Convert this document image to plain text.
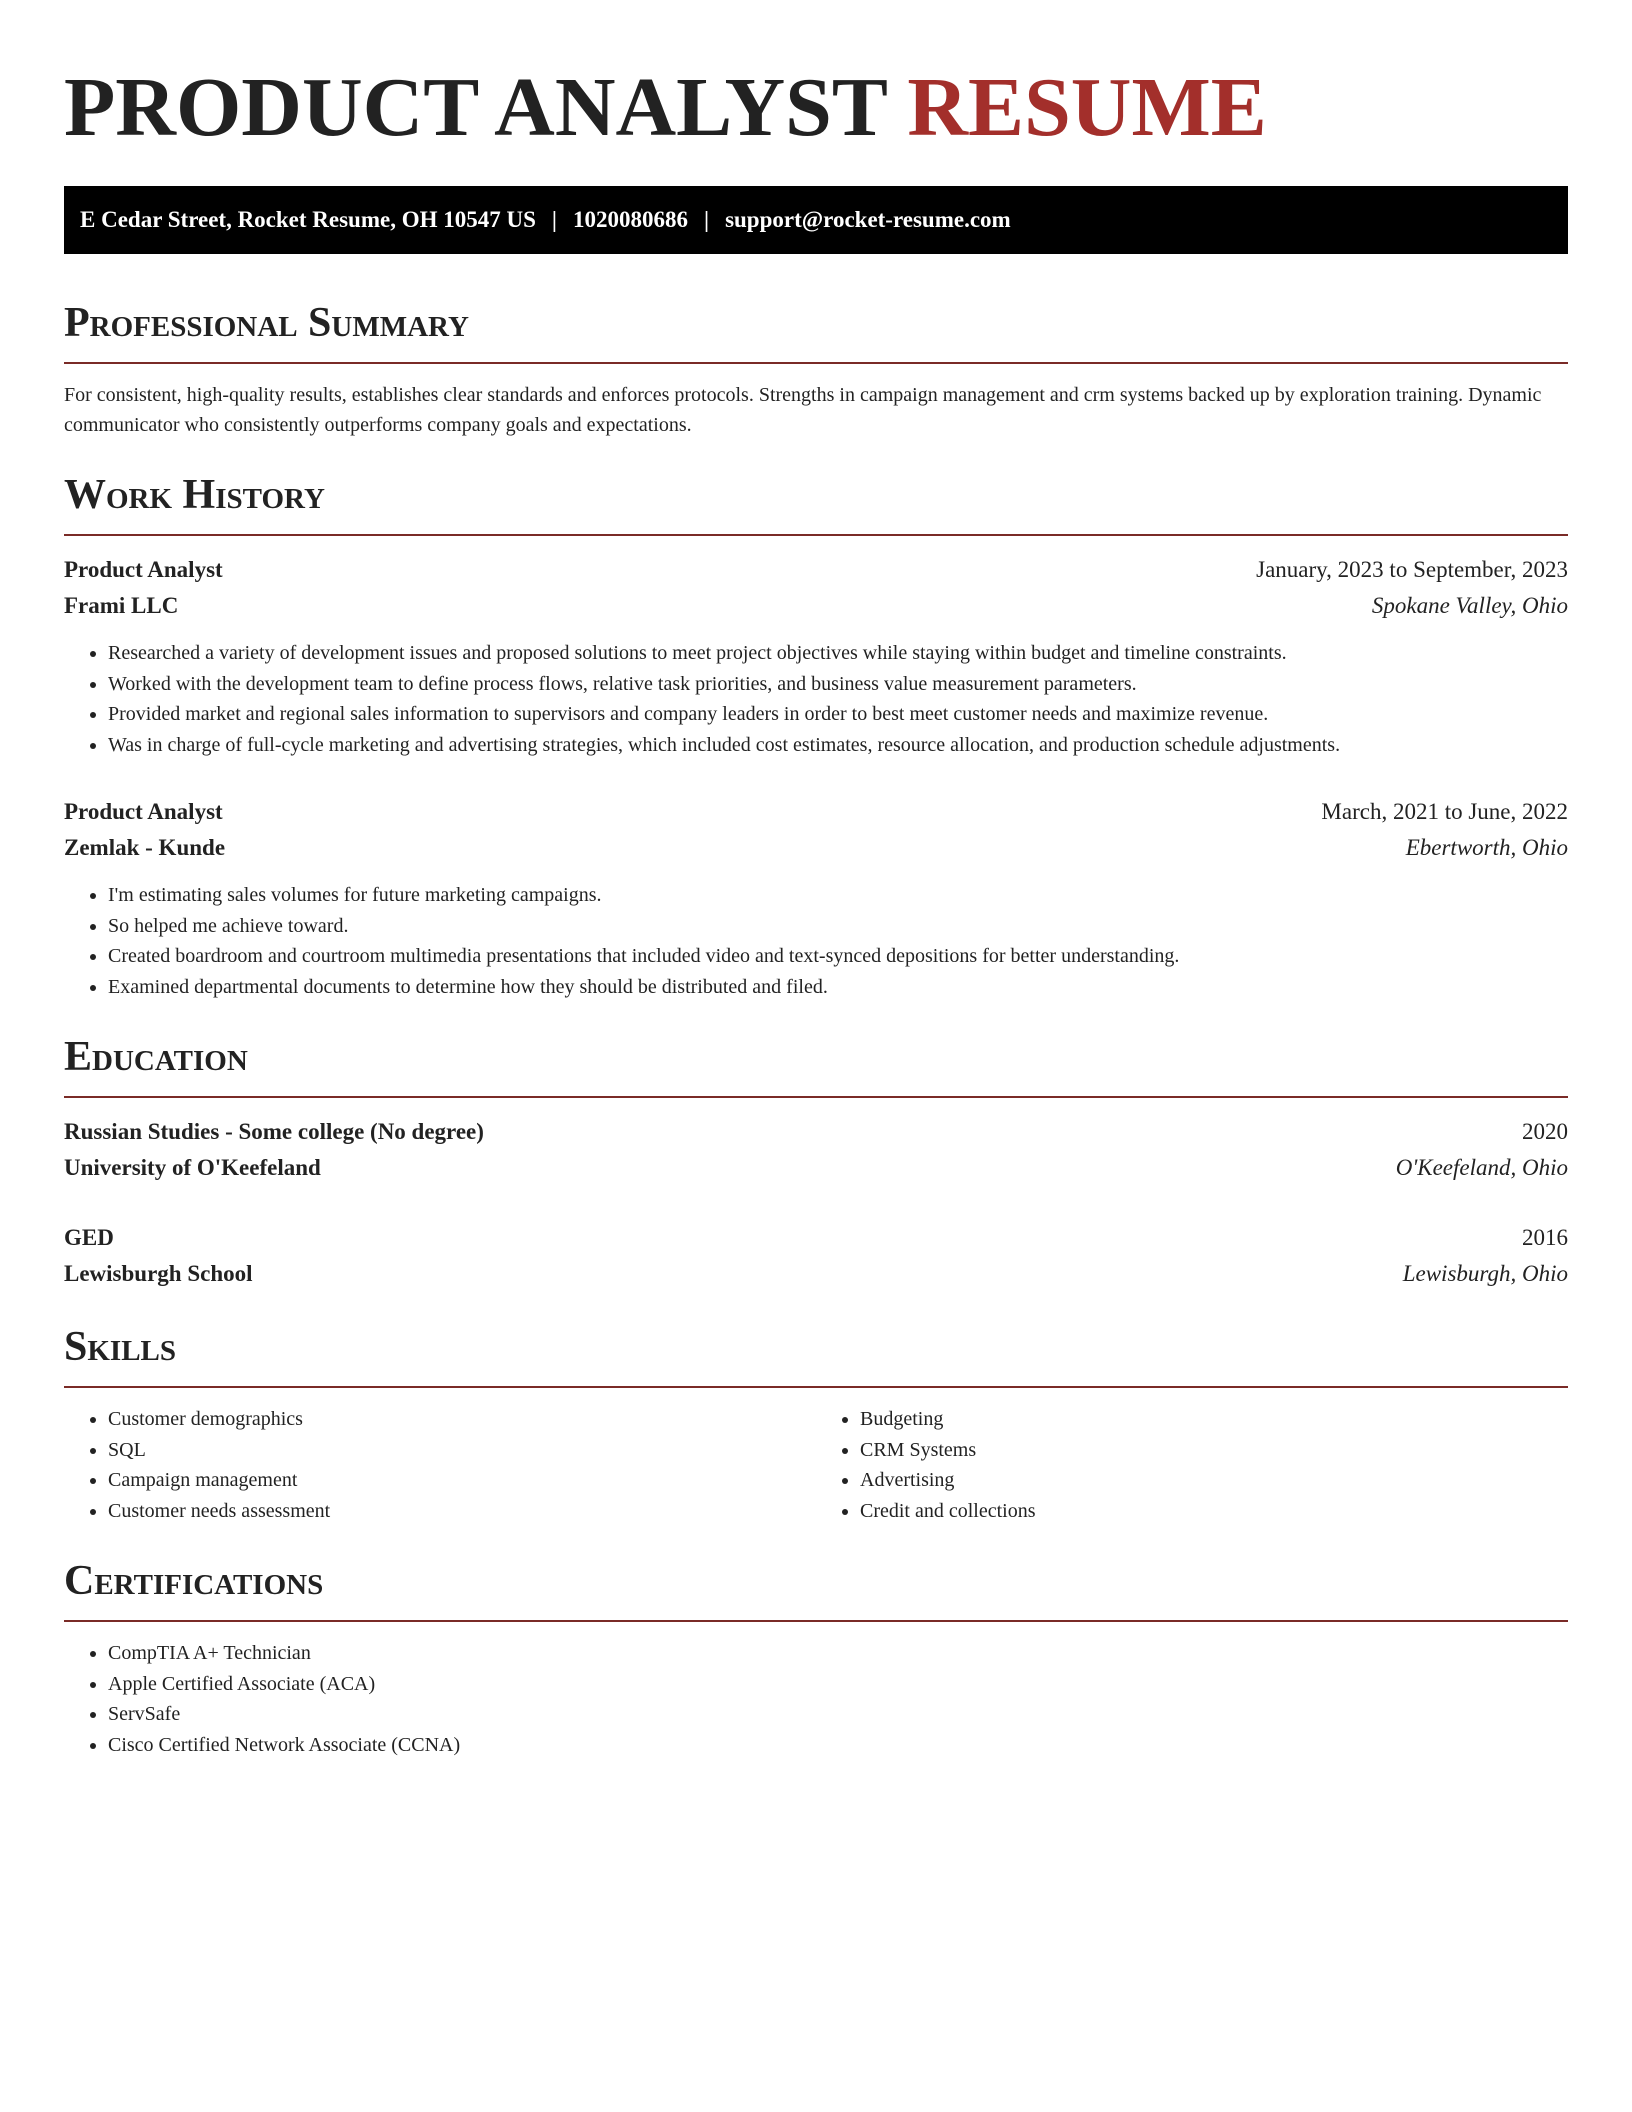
PRODUCT ANALYST RESUME
E Cedar Street, Rocket Resume, OH 10547 US | 1020080686 | support@rocket-resume.com
Professional Summary

For consistent, high-quality results, establishes clear standards and enforces protocols. Strengths in campaign management and crm systems backed up by exploration training. Dynamic communicator who consistently outperforms company goals and expectations.

Work History
Product Analyst	January, 2023 to September, 2023
Frami LLC	Spokane Valley, Ohio
• Researched a variety of development issues and proposed solutions to meet project objectives while staying within budget and timeline constraints.
• Worked with the development team to define process flows, relative task priorities, and business value measurement parameters.
• Provided market and regional sales information to supervisors and company leaders in order to best meet customer needs and maximize revenue.
• Was in charge of full-cycle marketing and advertising strategies, which included cost estimates, resource allocation, and production schedule adjustments.
Product Analyst	March, 2021 to June, 2022
Zemlak - Kunde	Ebertworth, Ohio
• I'm estimating sales volumes for future marketing campaigns.
• So helped me achieve toward.
• Created boardroom and courtroom multimedia presentations that included video and text-synced depositions for better understanding.
• Examined departmental documents to determine how they should be distributed and filed.
Education
Russian Studies - Some college (No degree)	2020
University of O'Keefeland	O'Keefeland, Ohio
GED	2016
Lewisburgh School	Lewisburgh, Ohio
Skills
• Customer demographics
• SQL
• Campaign management
• Customer needs assessment
• Budgeting
• CRM Systems
• Advertising
• Credit and collections
Certifications
• CompTIA A+ Technician
• Apple Certified Associate (ACA)
• ServSafe
• Cisco Certified Network Associate (CCNA)
